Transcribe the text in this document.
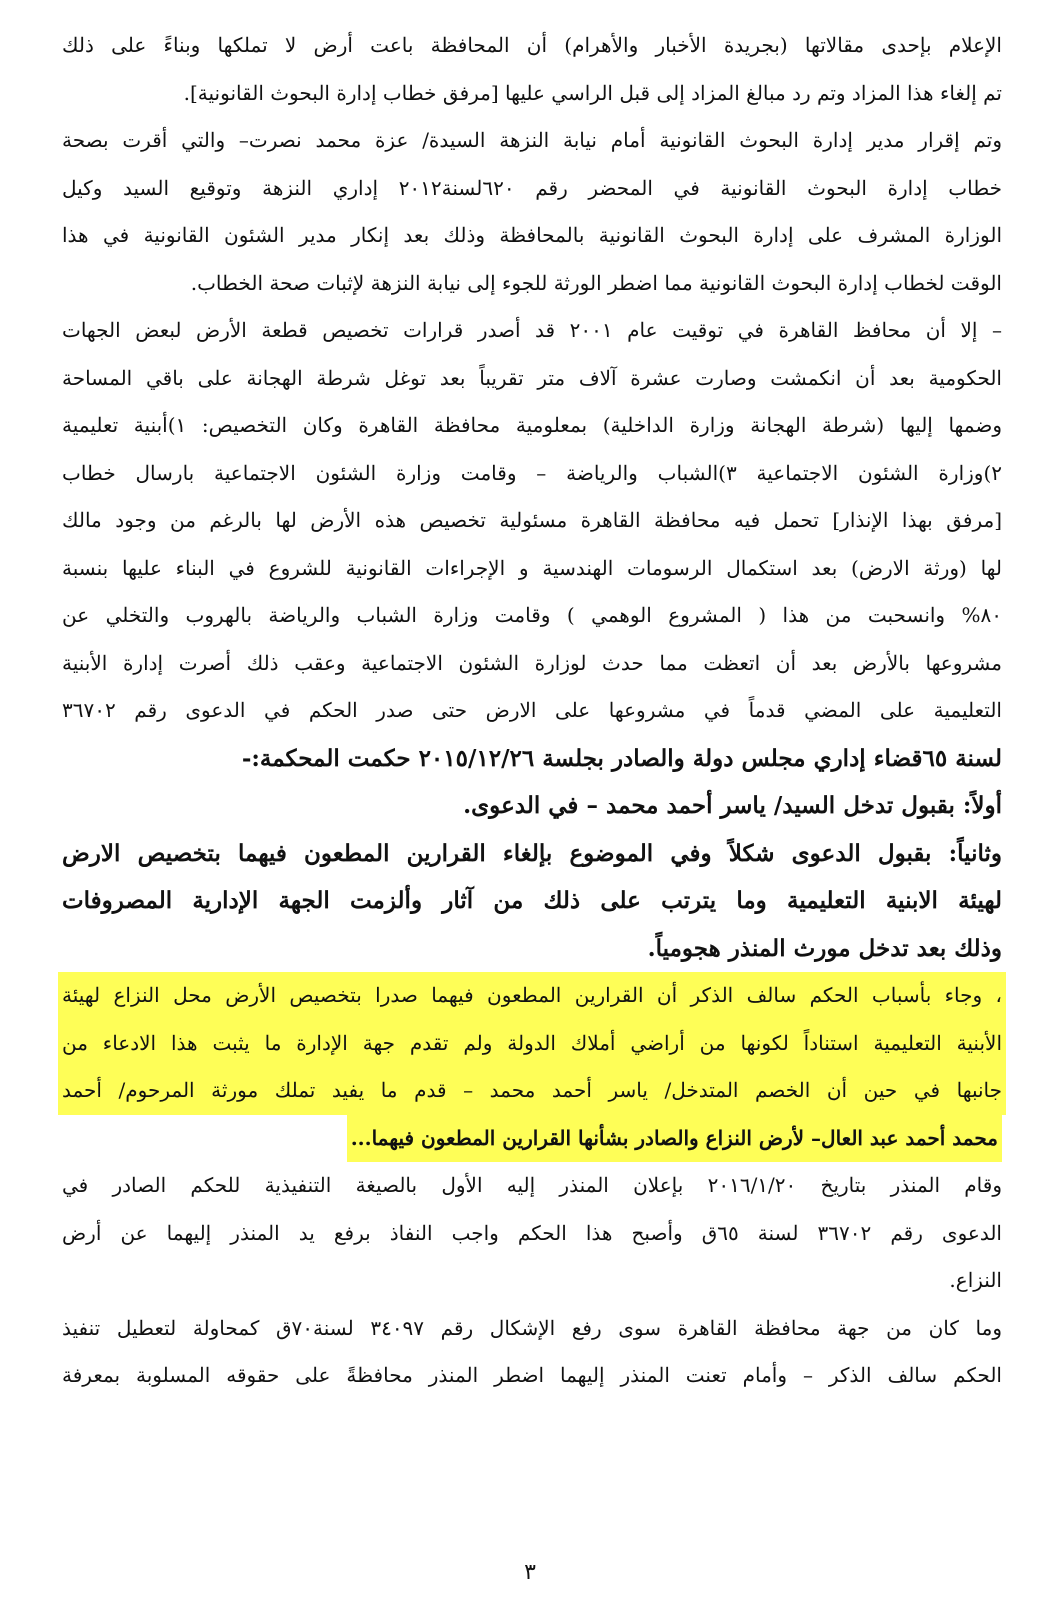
الإعلام بإحدى مقالاتها (بجريدة الأخبار والأهرام) أن المحافظة باعت أرض لا تملكها وبناءً على ذلك
تم إلغاء هذا المزاد وتم رد مبالغ المزاد إلى قبل الراسي عليها [مرفق خطاب إدارة البحوث القانونية].
وتم إقرار مدير إدارة البحوث القانونية أمام نيابة النزهة السيدة/ عزة محمد نصرت– والتي أقرت بصحة
خطاب إدارة البحوث القانونية في المحضر رقم ٦٢٠لسنة٢٠١٢ إداري النزهة وتوقيع السيد وكيل
الوزارة المشرف على إدارة البحوث القانونية بالمحافظة وذلك بعد إنكار مدير الشئون القانونية في هذا
الوقت لخطاب إدارة البحوث القانونية مما اضطر الورثة للجوء إلى نيابة النزهة لإثبات صحة الخطاب.
– إلا أن محافظ القاهرة في توقيت عام ٢٠٠١ قد أصدر قرارات تخصيص قطعة الأرض لبعض الجهات
الحكومية بعد أن انكمشت وصارت عشرة آلاف متر تقريباً بعد توغل شرطة الهجانة على باقي المساحة
وضمها إليها (شرطة الهجانة وزارة الداخلية) بمعلومية محافظة القاهرة وكان التخصيص: ١)أبنية تعليمية
٢)وزارة الشئون الاجتماعية ٣)الشباب والرياضة – وقامت وزارة الشئون الاجتماعية بارسال خطاب
[مرفق بهذا الإنذار] تحمل فيه محافظة القاهرة مسئولية تخصيص هذه الأرض لها بالرغم من وجود مالك
لها (ورثة الارض) بعد استكمال الرسومات الهندسية و الإجراءات القانونية للشروع في البناء عليها بنسبة
٨٠% وانسحبت من هذا ( المشروع الوهمي ) وقامت وزارة الشباب والرياضة بالهروب والتخلي عن
مشروعها بالأرض بعد أن اتعظت مما حدث لوزارة الشئون الاجتماعية وعقب ذلك أصرت إدارة الأبنية
التعليمية على المضي قدماً في مشروعها على الارض حتى صدر الحكم في الدعوى رقم ٣٦٧٠٢
لسنة ٦٥قضاء إداري مجلس دولة والصادر بجلسة ٢٠١٥/١٢/٢٦ حكمت المحكمة:-
أولاً: بقبول تدخل السيد/ ياسر أحمد محمد – في الدعوى.
وثانياً: بقبول الدعوى شكلاً وفي الموضوع بإلغاء القرارين المطعون فيهما بتخصيص الارض
لهيئة الابنية التعليمية وما يترتب على ذلك من آثار وألزمت الجهة الإدارية المصروفات
وذلك بعد تدخل مورث المنذر هجومياً.
، وجاء بأسباب الحكم سالف الذكر أن القرارين المطعون فيهما صدرا بتخصيص الأرض محل النزاع لهيئة
الأبنية التعليمية استناداً لكونها من أراضي أملاك الدولة ولم تقدم جهة الإدارة ما يثبت هذا الادعاء من
جانبها في حين أن الخصم المتدخل/ ياسر أحمد محمد – قدم ما يفيد تملك مورثة المرحوم/ أحمد
محمد أحمد عبد العال– لأرض النزاع والصادر بشأنها القرارين المطعون فيهما...
وقام المنذر بتاريخ ٢٠١٦/١/٢٠ بإعلان المنذر إليه الأول بالصيغة التنفيذية للحكم الصادر في
الدعوى رقم ٣٦٧٠٢ لسنة ٦٥ق وأصبح هذا الحكم واجب النفاذ برفع يد المنذر إليهما عن أرض
النزاع.
وما كان من جهة محافظة القاهرة سوى رفع الإشكال رقم ٣٤٠٩٧ لسنة٧٠ق كمحاولة لتعطيل تنفيذ
الحكم سالف الذكر – وأمام تعنت المنذر إليهما اضطر المنذر محافظةً على حقوقه المسلوبة بمعرفة
٣
